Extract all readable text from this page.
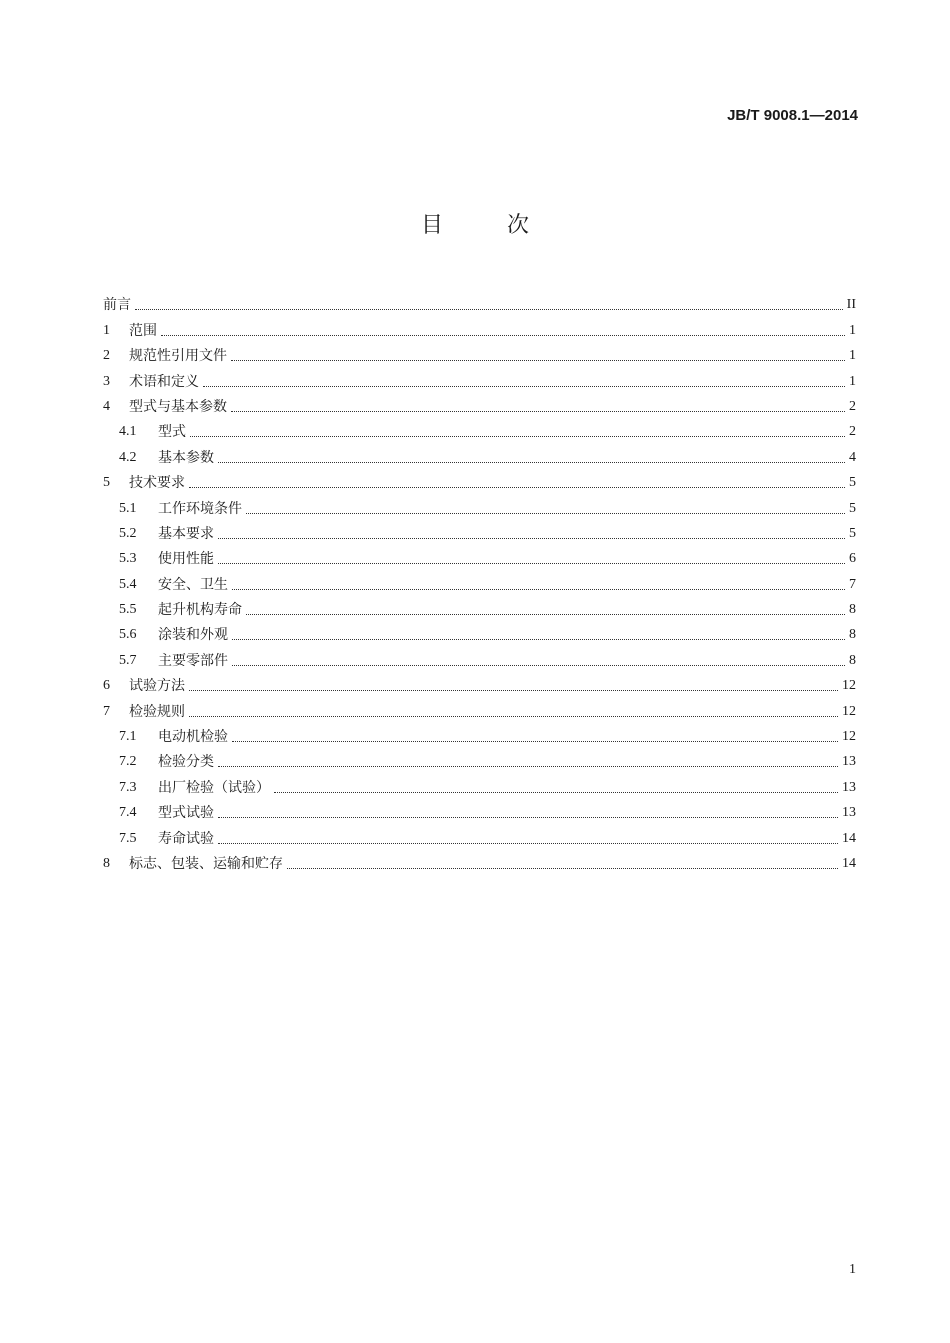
JB/T 9008.1—2014
目	次
前言	II
1	范围	1
2	规范性引用文件	1
3	术语和定义	1
4	型式与基本参数	2
4.1	型式	2
4.2	基本参数	4
5	技术要求	5
5.1	工作环境条件	5
5.2	基本要求	5
5.3	使用性能	6
5.4	安全、卫生	7
5.5	起升机构寿命	8
5.6	涂装和外观	8
5.7	主要零部件	8
6	试验方法	12
7	检验规则	12
7.1	电动机检验	12
7.2	检验分类	13
7.3	出厂检验（试验）	13
7.4	型式试验	13
7.5	寿命试验	14
8	标志、包装、运输和贮存	14
1
